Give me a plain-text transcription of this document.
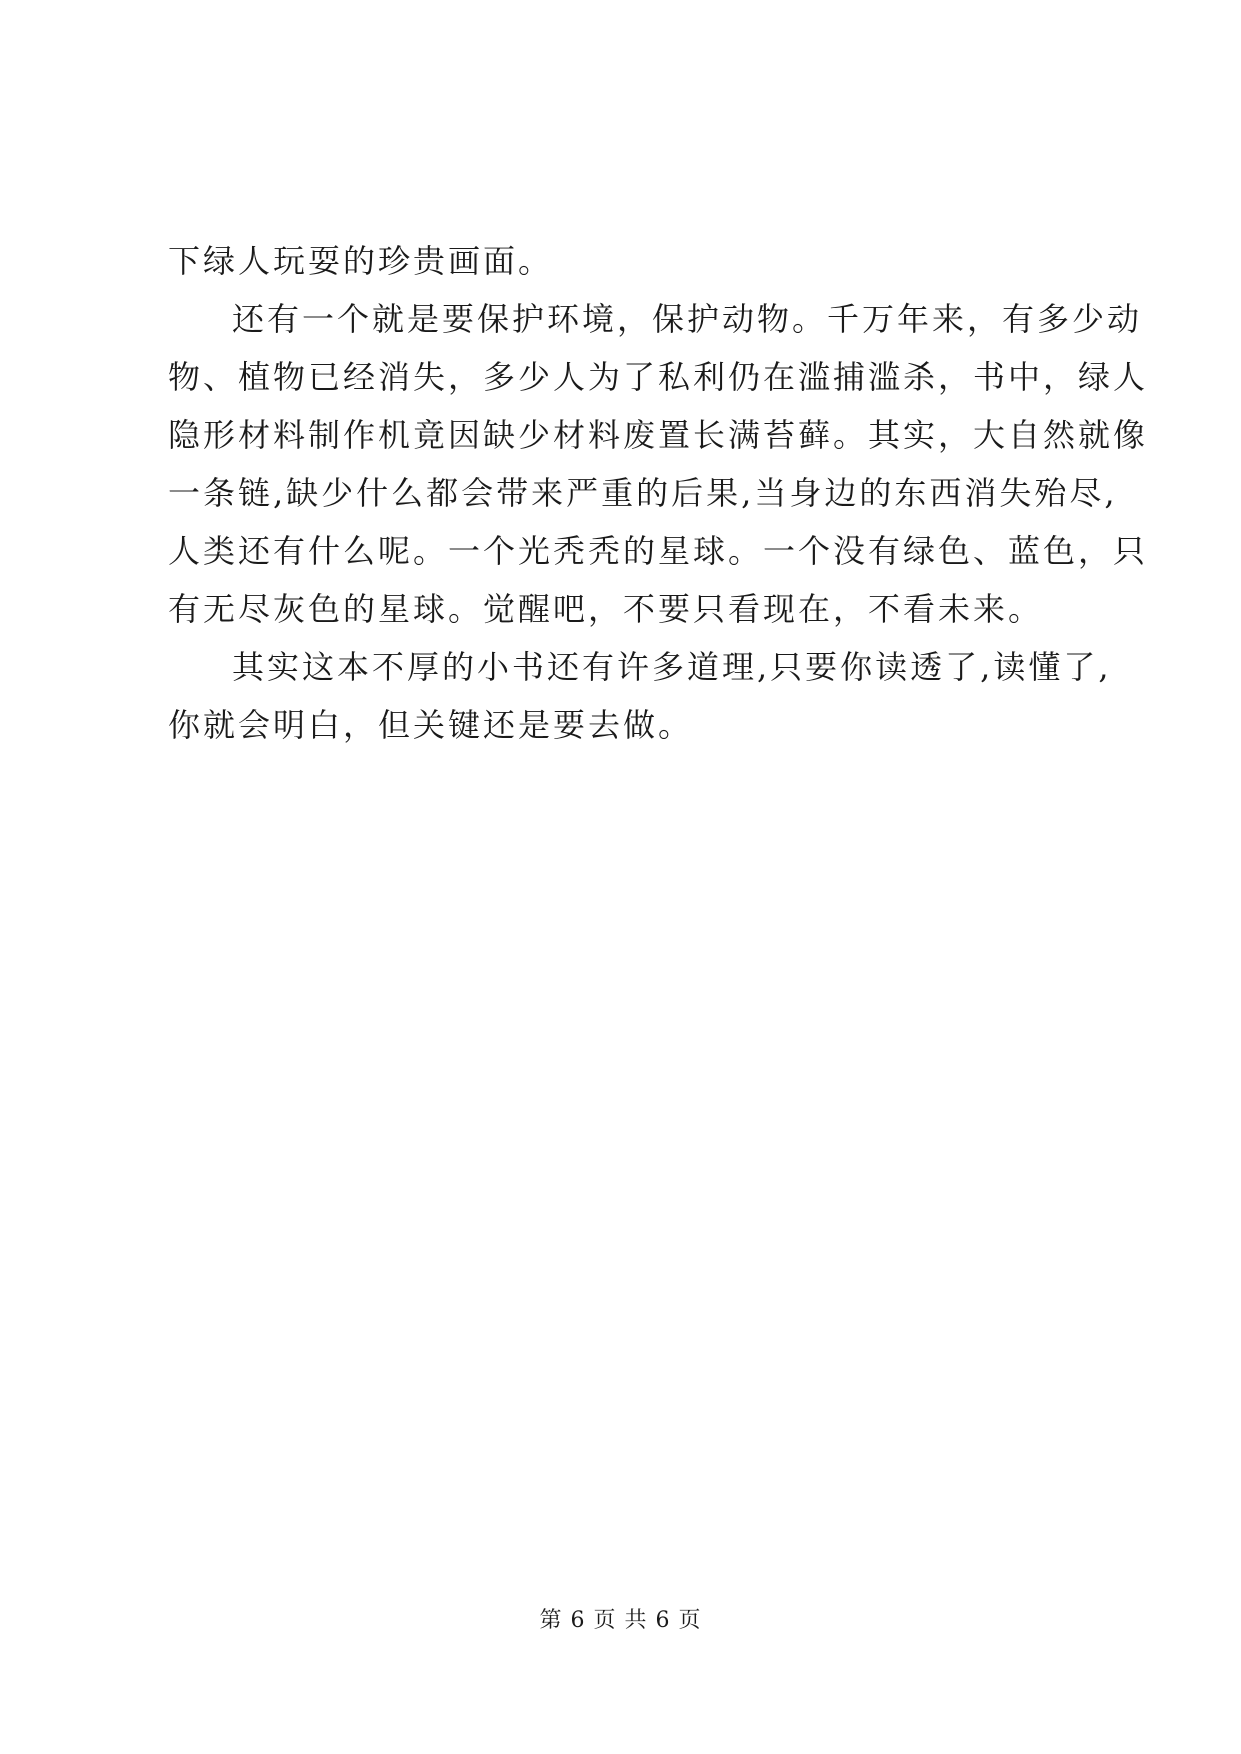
下绿人玩耍的珍贵画面。
还有一个就是要保护环境，保护动物。千万年来，有多少动
物、植物已经消失，多少人为了私利仍在滥捕滥杀，书中，绿人
隐形材料制作机竟因缺少材料废置长满苔藓。其实，大自然就像
一条链,缺少什么都会带来严重的后果,当身边的东西消失殆尽,
人类还有什么呢。一个光秃秃的星球。一个没有绿色、蓝色，只
有无尽灰色的星球。觉醒吧，不要只看现在，不看未来。
其实这本不厚的小书还有许多道理,只要你读透了,读懂了,
你就会明白，但关键还是要去做。
第 6 页 共 6 页
